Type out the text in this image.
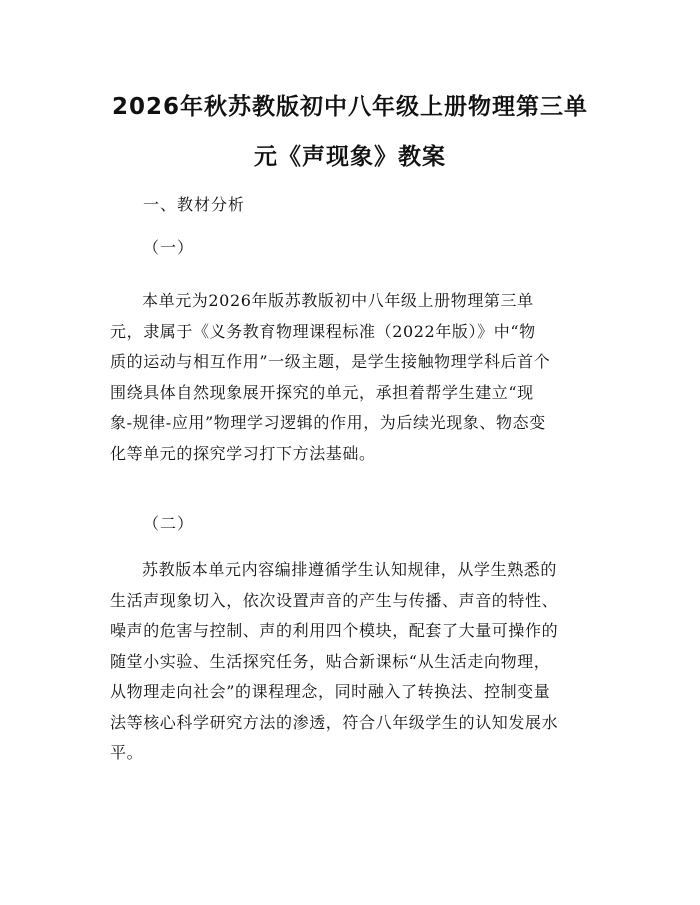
2026年秋苏教版初中八年级上册物理第三单
元《声现象》教案
一、教材分析
（一）
本单元为2026年版苏教版初中八年级上册物理第三单
元，隶属于《义务教育物理课程标准（2022年版）》中“物
质的运动与相互作用”一级主题，是学生接触物理学科后首个
围绕具体自然现象展开探究的单元，承担着帮学生建立“现
象-规律-应用”物理学习逻辑的作用，为后续光现象、物态变
化等单元的探究学习打下方法基础。
（二）
苏教版本单元内容编排遵循学生认知规律，从学生熟悉的
生活声现象切入，依次设置声音的产生与传播、声音的特性、
噪声的危害与控制、声的利用四个模块，配套了大量可操作的
随堂小实验、生活探究任务，贴合新课标“从生活走向物理，
从物理走向社会”的课程理念，同时融入了转换法、控制变量
法等核心科学研究方法的渗透，符合八年级学生的认知发展水
平。
